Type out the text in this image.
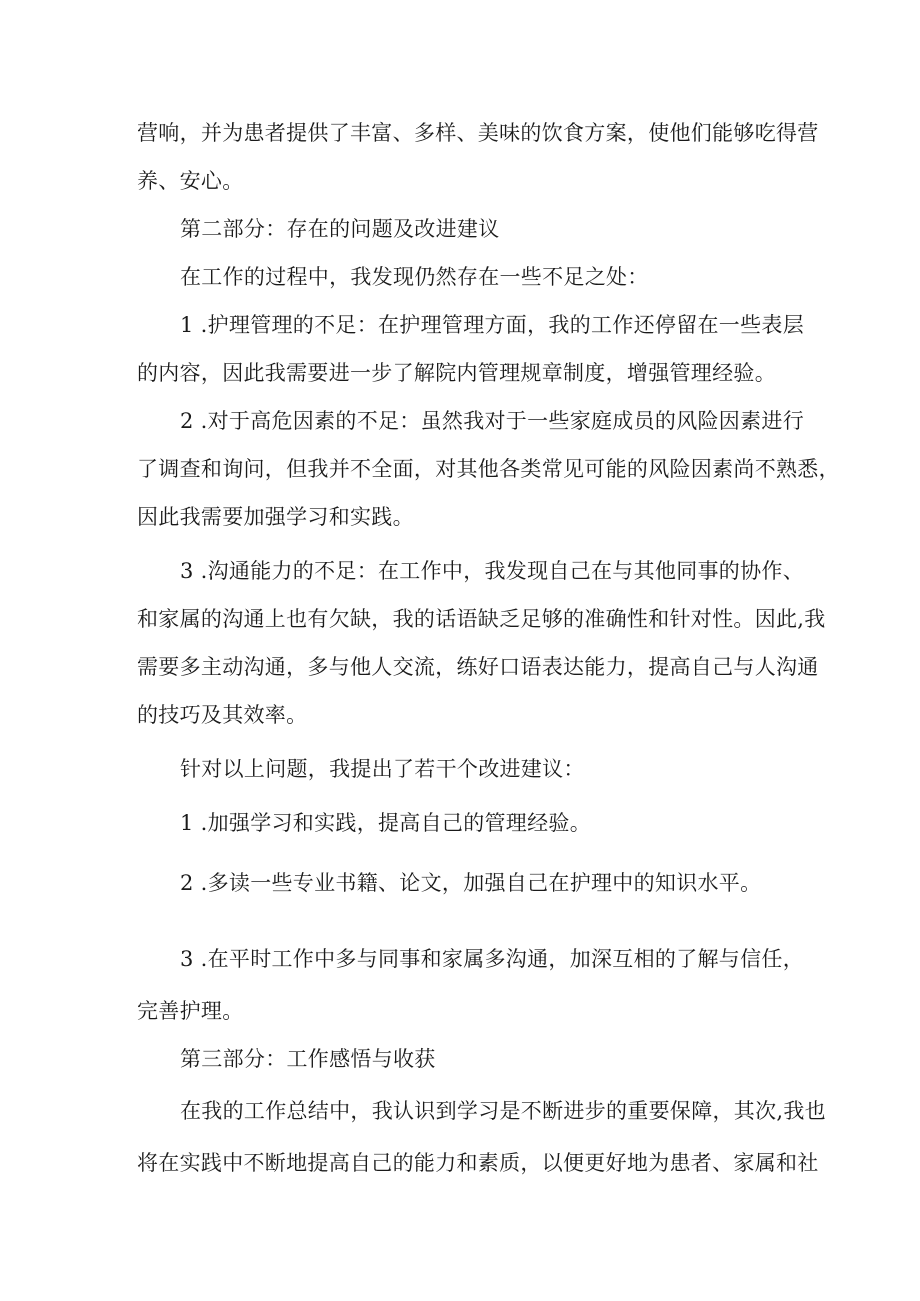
营响，并为患者提供了丰富、多样、美味的饮食方案，使他们能够吃得营
养、安心。
第二部分：存在的问题及改进建议
在工作的过程中，我发现仍然存在一些不足之处：
1 .护理管理的不足：在护理管理方面，我的工作还停留在一些表层
的内容，因此我需要进一步了解院内管理规章制度，增强管理经验。
2 .对于高危因素的不足：虽然我对于一些家庭成员的风险因素进行
了调查和询问，但我并不全面，对其他各类常见可能的风险因素尚不熟悉，
因此我需要加强学习和实践。
3 .沟通能力的不足：在工作中，我发现自己在与其他同事的协作、
和家属的沟通上也有欠缺，我的话语缺乏足够的准确性和针对性。因此,我
需要多主动沟通，多与他人交流，练好口语表达能力，提高自己与人沟通
的技巧及其效率。
针对以上问题，我提出了若干个改进建议：
1 .加强学习和实践，提高自己的管理经验。
2 .多读一些专业书籍、论文，加强自己在护理中的知识水平。
3 .在平时工作中多与同事和家属多沟通，加深互相的了解与信任，
完善护理。
第三部分：工作感悟与收获
在我的工作总结中，我认识到学习是不断进步的重要保障，其次,我也
将在实践中不断地提高自己的能力和素质，以便更好地为患者、家属和社
